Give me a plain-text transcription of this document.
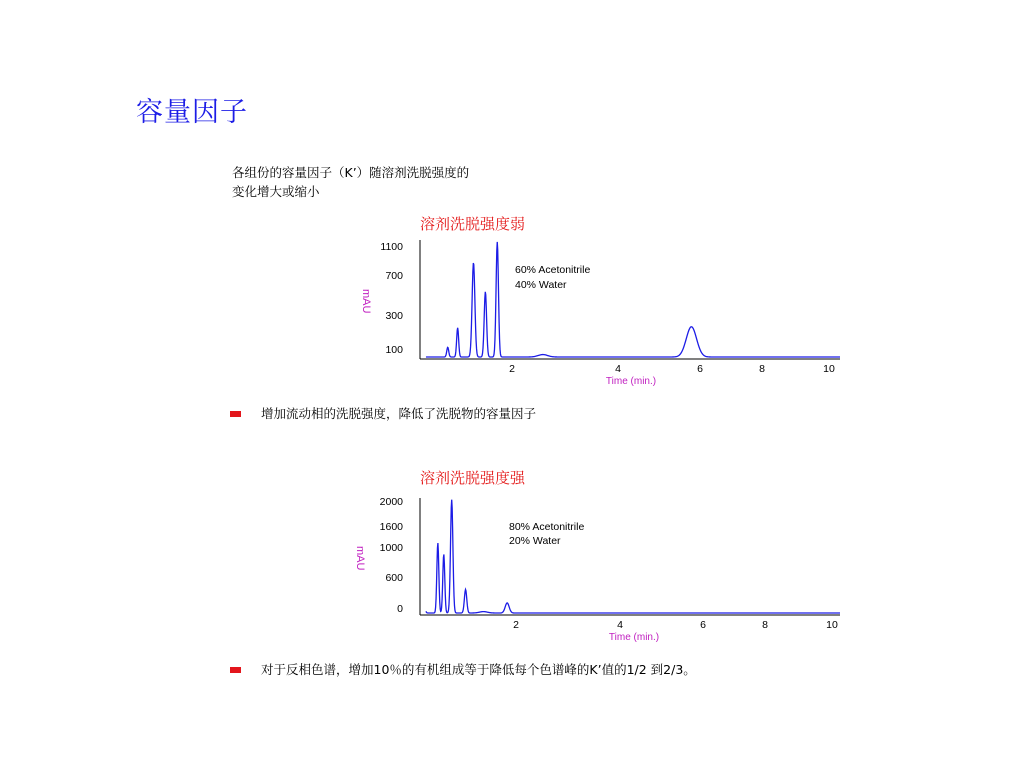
容量因子
各组份的容量因子（K’）随溶剂洗脱强度的
变化增大或缩小
溶剂洗脱强度弱
1100
700
300
100
2	4	6	8	10
mAU
Time (min.)
60% Acetonitrile
40% Water
增加流动相的洗脱强度，降低了洗脱物的容量因子
溶剂洗脱强度强
2000
1600
1000
600
0
2	4	6	8	10
mAU
Time (min.)
80% Acetonitrile
20% Water
对于反相色谱，增加10％的有机组成等于降低每个色谱峰的K’值的1/2 到2/3。
